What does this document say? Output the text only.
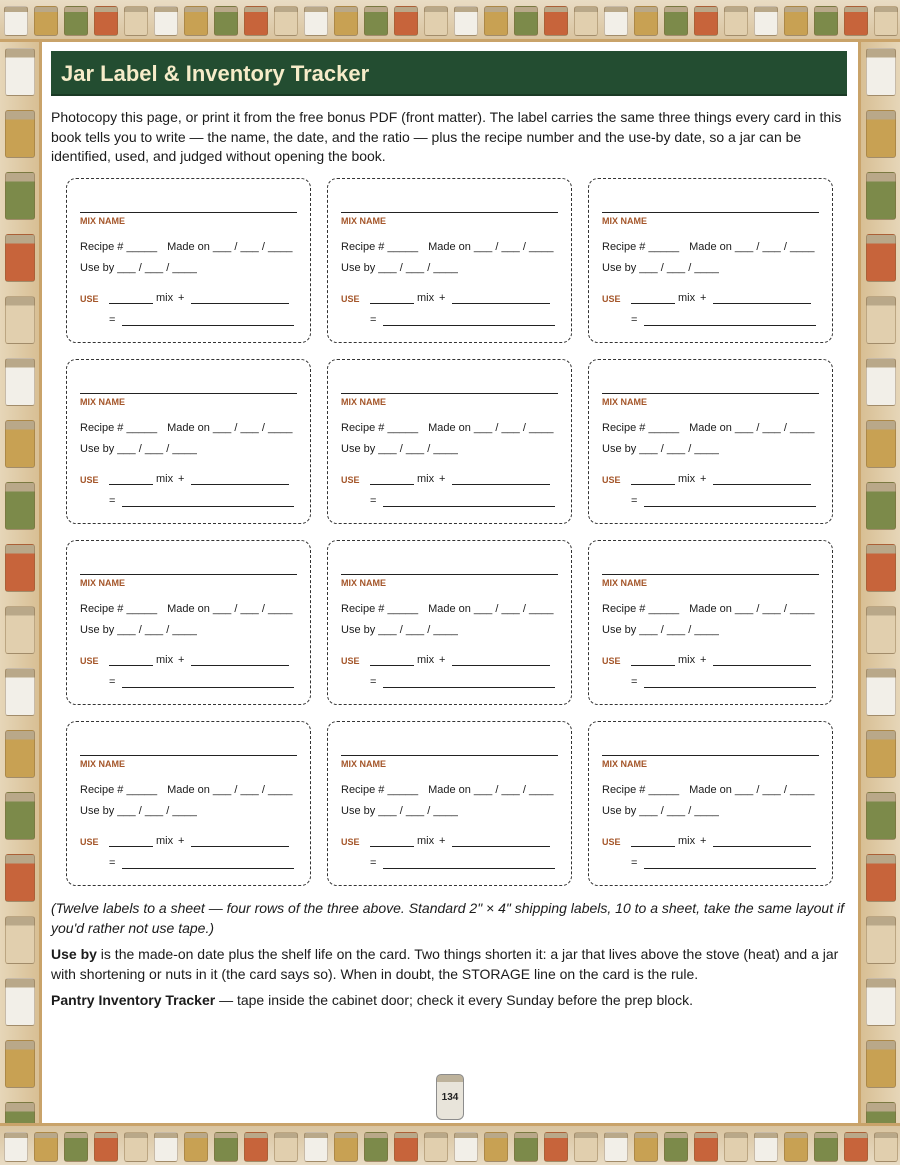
Jar Label & Inventory Tracker

Photocopy this page, or print it from the free bonus PDF (front matter). The label carries the same three things every card in this book tells you to write — the name, the date, and the ratio — plus the recipe number and the use-by date, so a jar can be identified, used, and judged without opening the book.

MIX NAME
Recipe # _____ Made on ___ / ___ / ____
Use by ___ / ___ / ____
USE	mix +
=
MIX NAME
Recipe # _____ Made on ___ / ___ / ____
Use by ___ / ___ / ____
USE	mix +
=
MIX NAME
Recipe # _____ Made on ___ / ___ / ____
Use by ___ / ___ / ____
USE	mix +
=
MIX NAME
Recipe # _____ Made on ___ / ___ / ____
Use by ___ / ___ / ____
USE	mix +
=
MIX NAME
Recipe # _____ Made on ___ / ___ / ____
Use by ___ / ___ / ____
USE	mix +
=
MIX NAME
Recipe # _____ Made on ___ / ___ / ____
Use by ___ / ___ / ____
USE	mix +
=
MIX NAME
Recipe # _____ Made on ___ / ___ / ____
Use by ___ / ___ / ____
USE	mix +
=
MIX NAME
Recipe # _____ Made on ___ / ___ / ____
Use by ___ / ___ / ____
USE	mix +
=
MIX NAME
Recipe # _____ Made on ___ / ___ / ____
Use by ___ / ___ / ____
USE	mix +
=
MIX NAME
Recipe # _____ Made on ___ / ___ / ____
Use by ___ / ___ / ____
USE	mix +
=
MIX NAME
Recipe # _____ Made on ___ / ___ / ____
Use by ___ / ___ / ____
USE	mix +
=
MIX NAME
Recipe # _____ Made on ___ / ___ / ____
Use by ___ / ___ / ____
USE	mix +
=

(Twelve labels to a sheet — four rows of the three above. Standard 2" × 4" shipping labels, 10 to a sheet, take the same layout if you'd rather not use tape.)

Use by is the made-on date plus the shelf life on the card. Two things shorten it: a jar that lives above the stove (heat) and a jar with shortening or nuts in it (the card says so). When in doubt, the STORAGE line on the card is the rule.

Pantry Inventory Tracker — tape inside the cabinet door; check it every Sunday before the prep block.

134
